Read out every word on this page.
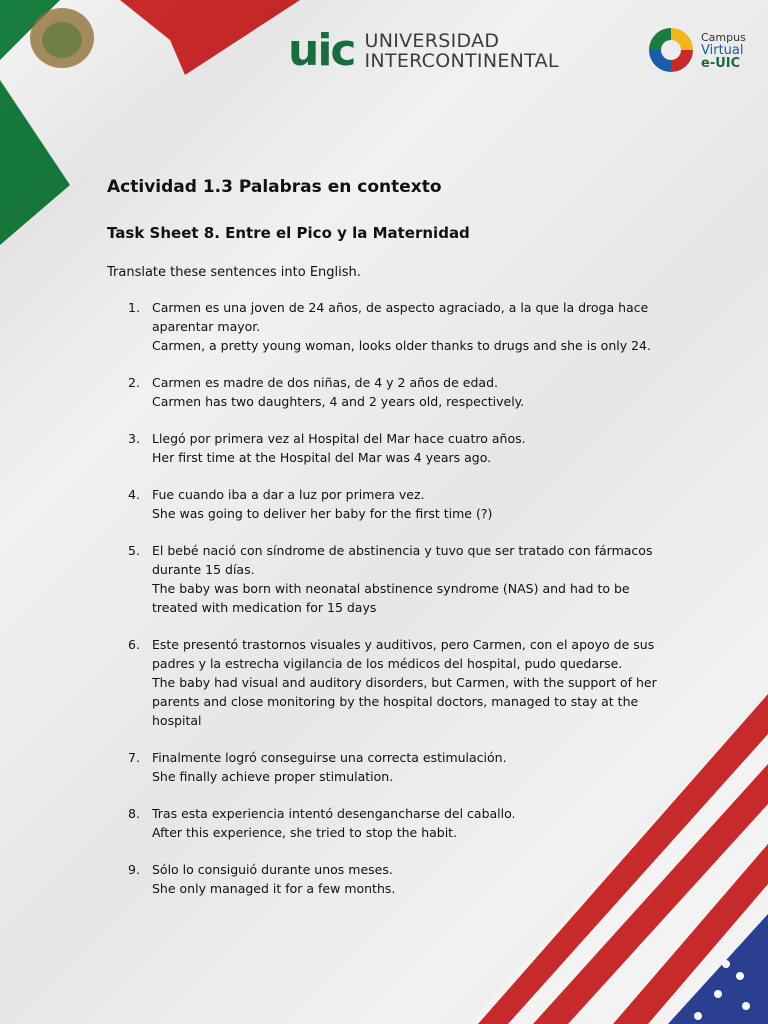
uic UNIVERSIDAD
INTERCONTINENTAL
Campus
Virtual
e-UIC
Actividad 1.3 Palabras en contexto
Task Sheet 8. Entre el Pico y la Maternidad
Translate these sentences into English.
1. Carmen es una joven de 24 años, de aspecto agraciado, a la que la droga hace aparentar mayor.
Carmen, a pretty young woman, looks older thanks to drugs and she is only 24.
2. Carmen es madre de dos niñas, de 4 y 2 años de edad.
Carmen has two daughters, 4 and 2 years old, respectively.
3. Llegó por primera vez al Hospital del Mar hace cuatro años.
Her first time at the Hospital del Mar was 4 years ago.
4. Fue cuando iba a dar a luz por primera vez.
She was going to deliver her baby for the first time (?)
5. El bebé nació con síndrome de abstinencia y tuvo que ser tratado con fármacos durante 15 días.
The baby was born with neonatal abstinence syndrome (NAS) and had to be treated with medication for 15 days
6. Este presentó trastornos visuales y auditivos, pero Carmen, con el apoyo de sus padres y la estrecha vigilancia de los médicos del hospital, pudo quedarse.
The baby had visual and auditory disorders, but Carmen, with the support of her parents and close monitoring by the hospital doctors, managed to stay at the hospital
7. Finalmente logró conseguirse una correcta estimulación.
She finally achieve proper stimulation.
8. Tras esta experiencia intentó desengancharse del caballo.
After this experience, she tried to stop the habit.
9. Sólo lo consiguió durante unos meses.
She only managed it for a few months.
